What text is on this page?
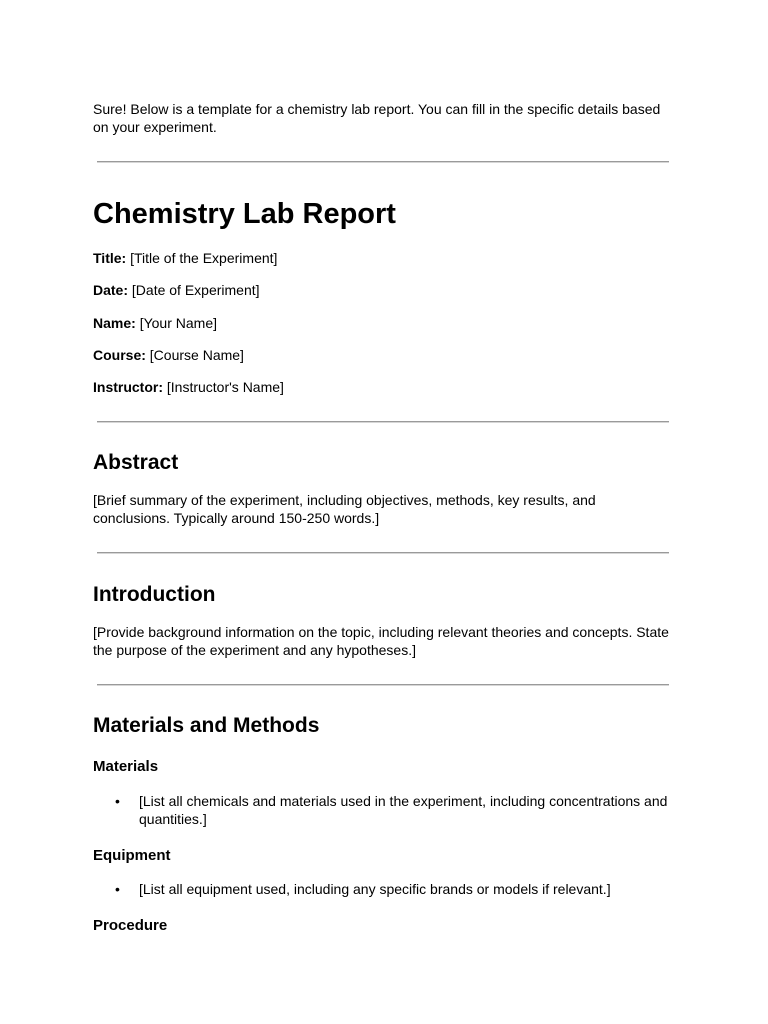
Sure! Below is a template for a chemistry lab report. You can fill in the specific details based on your experiment.
Chemistry Lab Report
Title: [Title of the Experiment]
Date: [Date of Experiment]
Name: [Your Name]
Course: [Course Name]
Instructor: [Instructor's Name]
Abstract
[Brief summary of the experiment, including objectives, methods, key results, and conclusions. Typically around 150-250 words.]
Introduction
[Provide background information on the topic, including relevant theories and concepts. State the purpose of the experiment and any hypotheses.]
Materials and Methods
Materials
•	[List all chemicals and materials used in the experiment, including concentrations and quantities.]
Equipment
•	[List all equipment used, including any specific brands or models if relevant.]
Procedure
